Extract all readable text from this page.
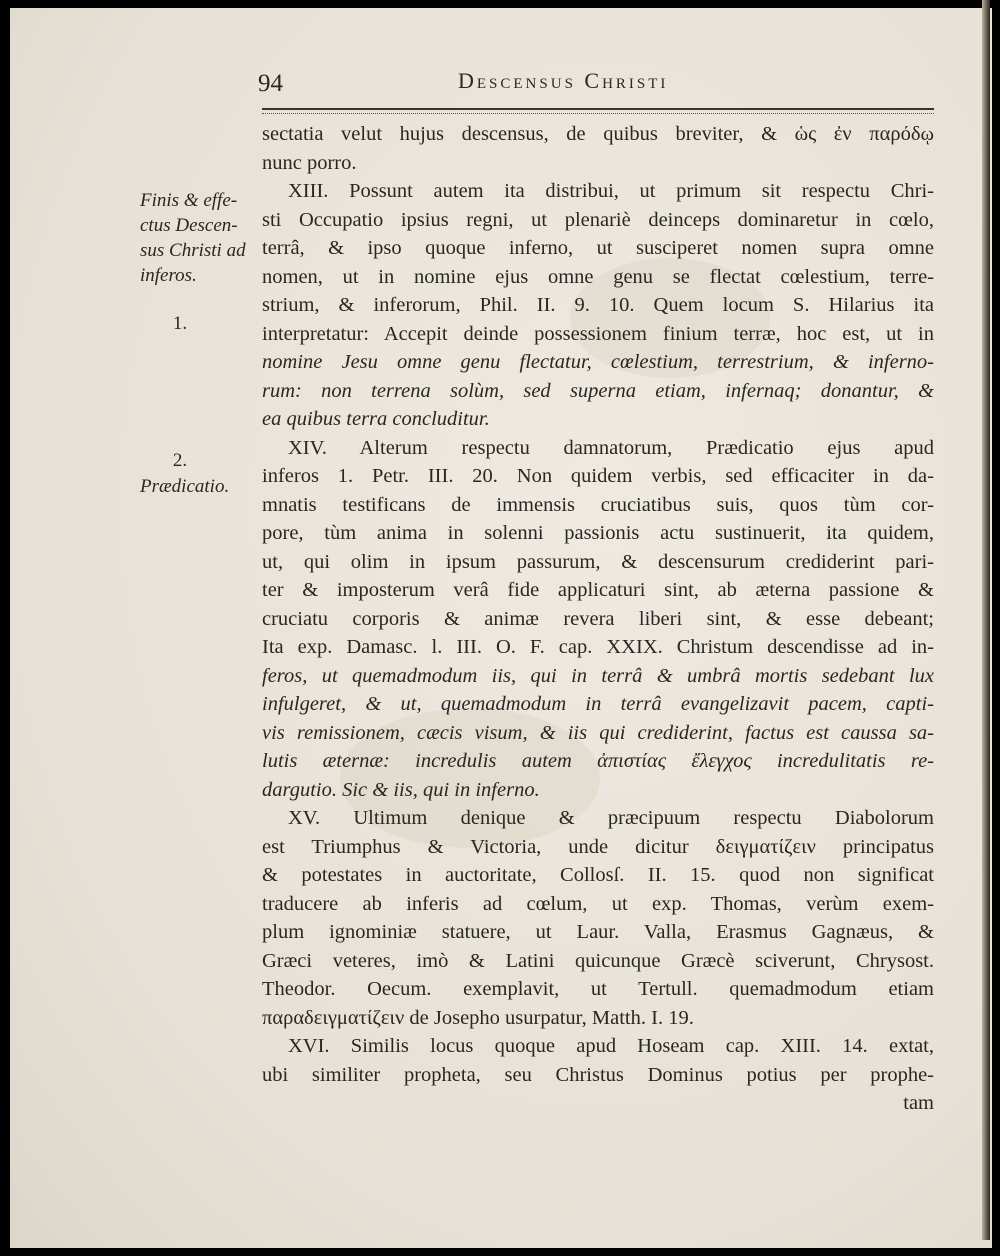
94	Descensus Christi
Finis & effe-
ctus Descen-
sus Christi ad
inferos.
1.
2.
Prædicatio.
sectatia velut hujus descensus, de quibus breviter, & ὡς ἐν παρόδῳ
nunc porro.
XIII. Possunt autem ita distribui, ut primum sit respectu Chri-
sti Occupatio ipsius regni, ut plenariè deinceps dominaretur in cœlo,
terrâ, & ipso quoque inferno, ut susciperet nomen supra omne
nomen, ut in nomine ejus omne genu se flectat cœlestium, terre-
strium, & inferorum, Phil. II. 9. 10. Quem locum S. Hilarius ita
interpretatur: Accepit deinde possessionem finium terræ, hoc est, ut in
nomine Jesu omne genu flectatur, cœlestium, terrestrium, & inferno-
rum: non terrena solùm, sed superna etiam, infernaq; donantur, &
ea quibus terra concluditur.
XIV. Alterum respectu damnatorum, Prædicatio ejus apud
inferos 1. Petr. III. 20. Non quidem verbis, sed efficaciter in da-
mnatis testificans de immensis cruciatibus suis, quos tùm cor-
pore, tùm anima in solenni passionis actu sustinuerit, ita quidem,
ut, qui olim in ipsum passurum, & descensurum crediderint pari-
ter & imposterum verâ fide applicaturi sint, ab æterna passione &
cruciatu corporis & animæ revera liberi sint, & esse debeant;
Ita exp. Damasc. l. III. O. F. cap. XXIX. Christum descendisse ad in-
feros, ut quemadmodum iis, qui in terrâ & umbrâ mortis sedebant lux
infulgeret, & ut, quemadmodum in terrâ evangelizavit pacem, capti-
vis remissionem, cæcis visum, & iis qui crediderint, factus est caussa sa-
lutis æternæ: incredulis autem ἀπιστίας ἔλεγχος incredulitatis re-
dargutio. Sic & iis, qui in inferno.
XV. Ultimum denique & præcipuum respectu Diabolorum
est Triumphus & Victoria, unde dicitur δειγματίζειν principatus
& potestates in auctoritate, Collosſ. II. 15. quod non significat
traducere ab inferis ad cœlum, ut exp. Thomas, verùm exem-
plum ignominiæ statuere, ut Laur. Valla, Erasmus Gagnæus, &
Græci veteres, imò & Latini quicunque Græcè sciverunt, Chrysost.
Theodor. Oecum. exemplavit, ut Tertull. quemadmodum etiam
παραδειγματίζειν de Josepho usurpatur, Matth. I. 19.
XVI. Similis locus quoque apud Hoseam cap. XIII. 14. extat,
ubi similiter propheta, seu Christus Dominus potius per prophe-
tam
